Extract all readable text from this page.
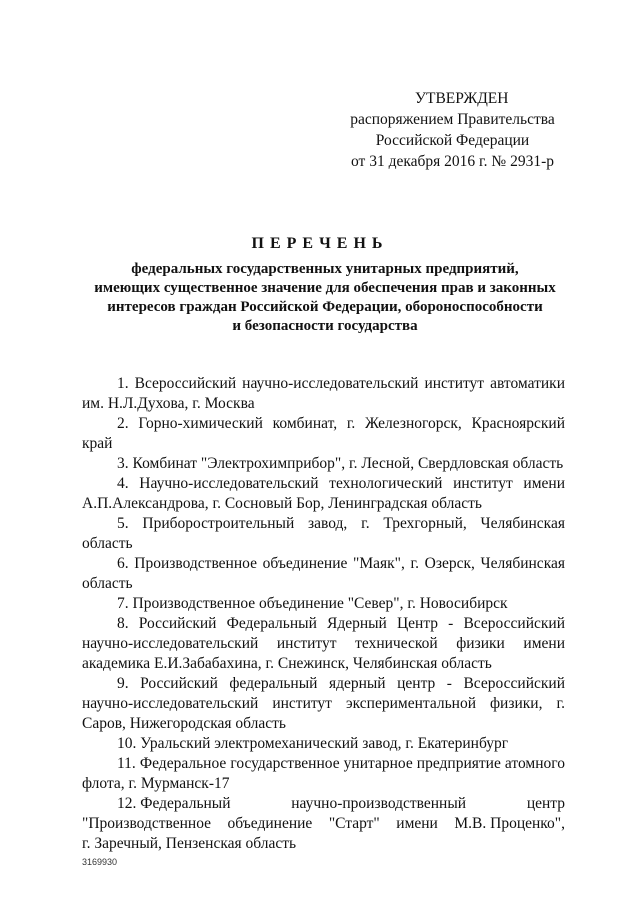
УТВЕРЖДЕН
распоряжением Правительства
Российской Федерации
от 31 декабря 2016 г. № 2931-р
ПЕРЕЧЕНЬ
федеральных государственных унитарных предприятий,
имеющих существенное значение для обеспечения прав и законных
интересов граждан Российской Федерации, обороноспособности
и безопасности государства

1. Всероссийский научно-исследовательский институт автоматики им. Н.Л.Духова, г. Москва

2. Горно-химический комбинат, г. Железногорск, Красноярский край

3. Комбинат "Электрохимприбор", г. Лесной, Свердловская область

4. Научно-исследовательский технологический институт имени А.П.Александрова, г. Сосновый Бор, Ленинградская область

5. Приборостроительный завод, г. Трехгорный, Челябинская область

6. Производственное объединение "Маяк", г. Озерск, Челябинская область

7. Производственное объединение "Север", г. Новосибирск

8. Российский Федеральный Ядерный Центр - Всероссийский научно-исследовательский институт технической физики имени академика Е.И.Забабахина, г. Снежинск, Челябинская область

9. Российский федеральный ядерный центр - Всероссийский научно-исследовательский институт экспериментальной физики, г. Саров, Нижегородская область

10. Уральский электромеханический завод, г. Екатеринбург

11. Федеральное государственное унитарное предприятие атомного флота, г. Мурманск-17

12. Федеральный	научно-производственный	центр
"Производственное объединение "Старт" имени М.В. Проценко",
г. Заречный, Пензенская область
3169930
